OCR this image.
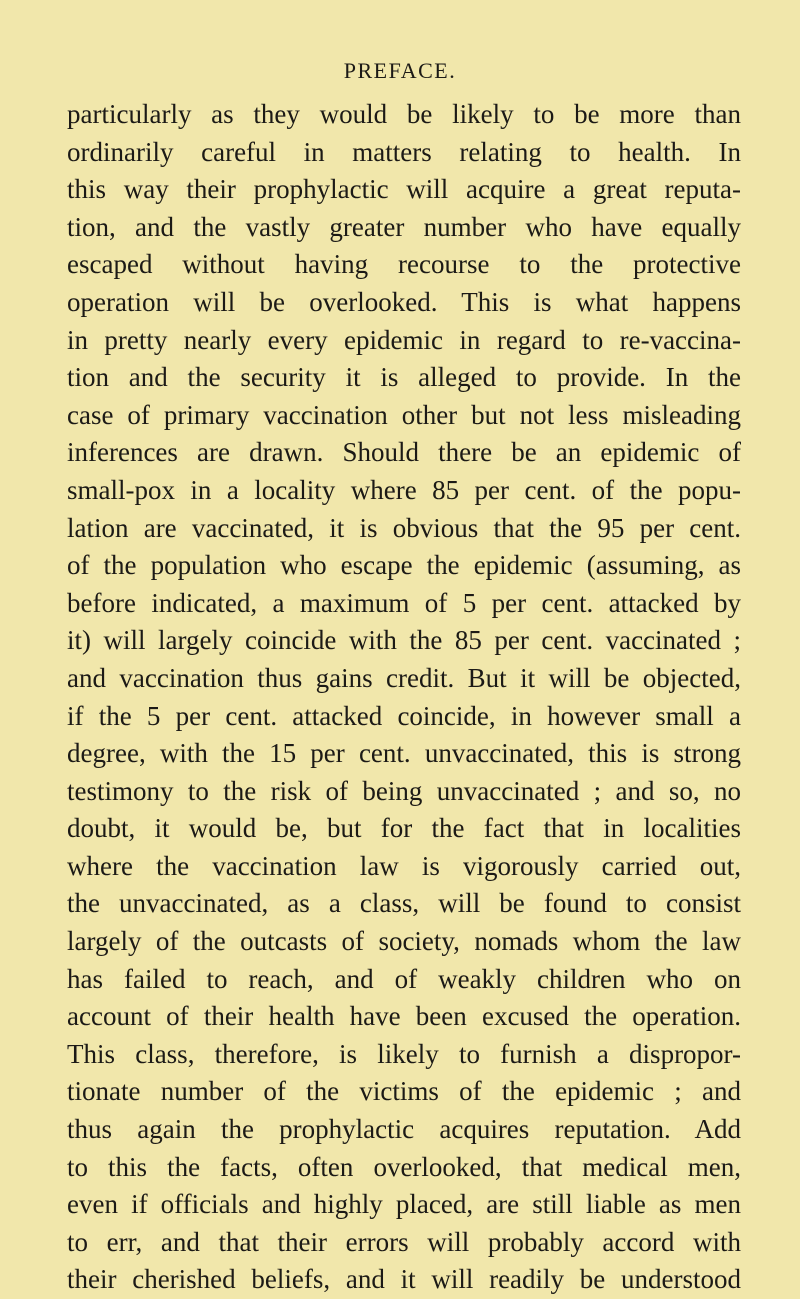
PREFACE.
particularly as they would be likely to be more than
ordinarily careful in matters relating to health. In
this way their prophylactic will acquire a great reputa-
tion, and the vastly greater number who have equally
escaped without having recourse to the protective
operation will be overlooked. This is what happens
in pretty nearly every epidemic in regard to re-vaccina-
tion and the security it is alleged to provide. In the
case of primary vaccination other but not less misleading
inferences are drawn. Should there be an epidemic of
small-pox in a locality where 85 per cent. of the popu-
lation are vaccinated, it is obvious that the 95 per cent.
of the population who escape the epidemic (assuming, as
before indicated, a maximum of 5 per cent. attacked by
it) will largely coincide with the 85 per cent. vaccinated ;
and vaccination thus gains credit. But it will be objected,
if the 5 per cent. attacked coincide, in however small a
degree, with the 15 per cent. unvaccinated, this is strong
testimony to the risk of being unvaccinated ; and so, no
doubt, it would be, but for the fact that in localities
where the vaccination law is vigorously carried out,
the unvaccinated, as a class, will be found to consist
largely of the outcasts of society, nomads whom the law
has failed to reach, and of weakly children who on
account of their health have been excused the operation.
This class, therefore, is likely to furnish a dispropor-
tionate number of the victims of the epidemic ; and
thus again the prophylactic acquires reputation. Add
to this the facts, often overlooked, that medical men,
even if officials and highly placed, are still liable as men
to err, and that their errors will probably accord with
their cherished beliefs, and it will readily be understood
